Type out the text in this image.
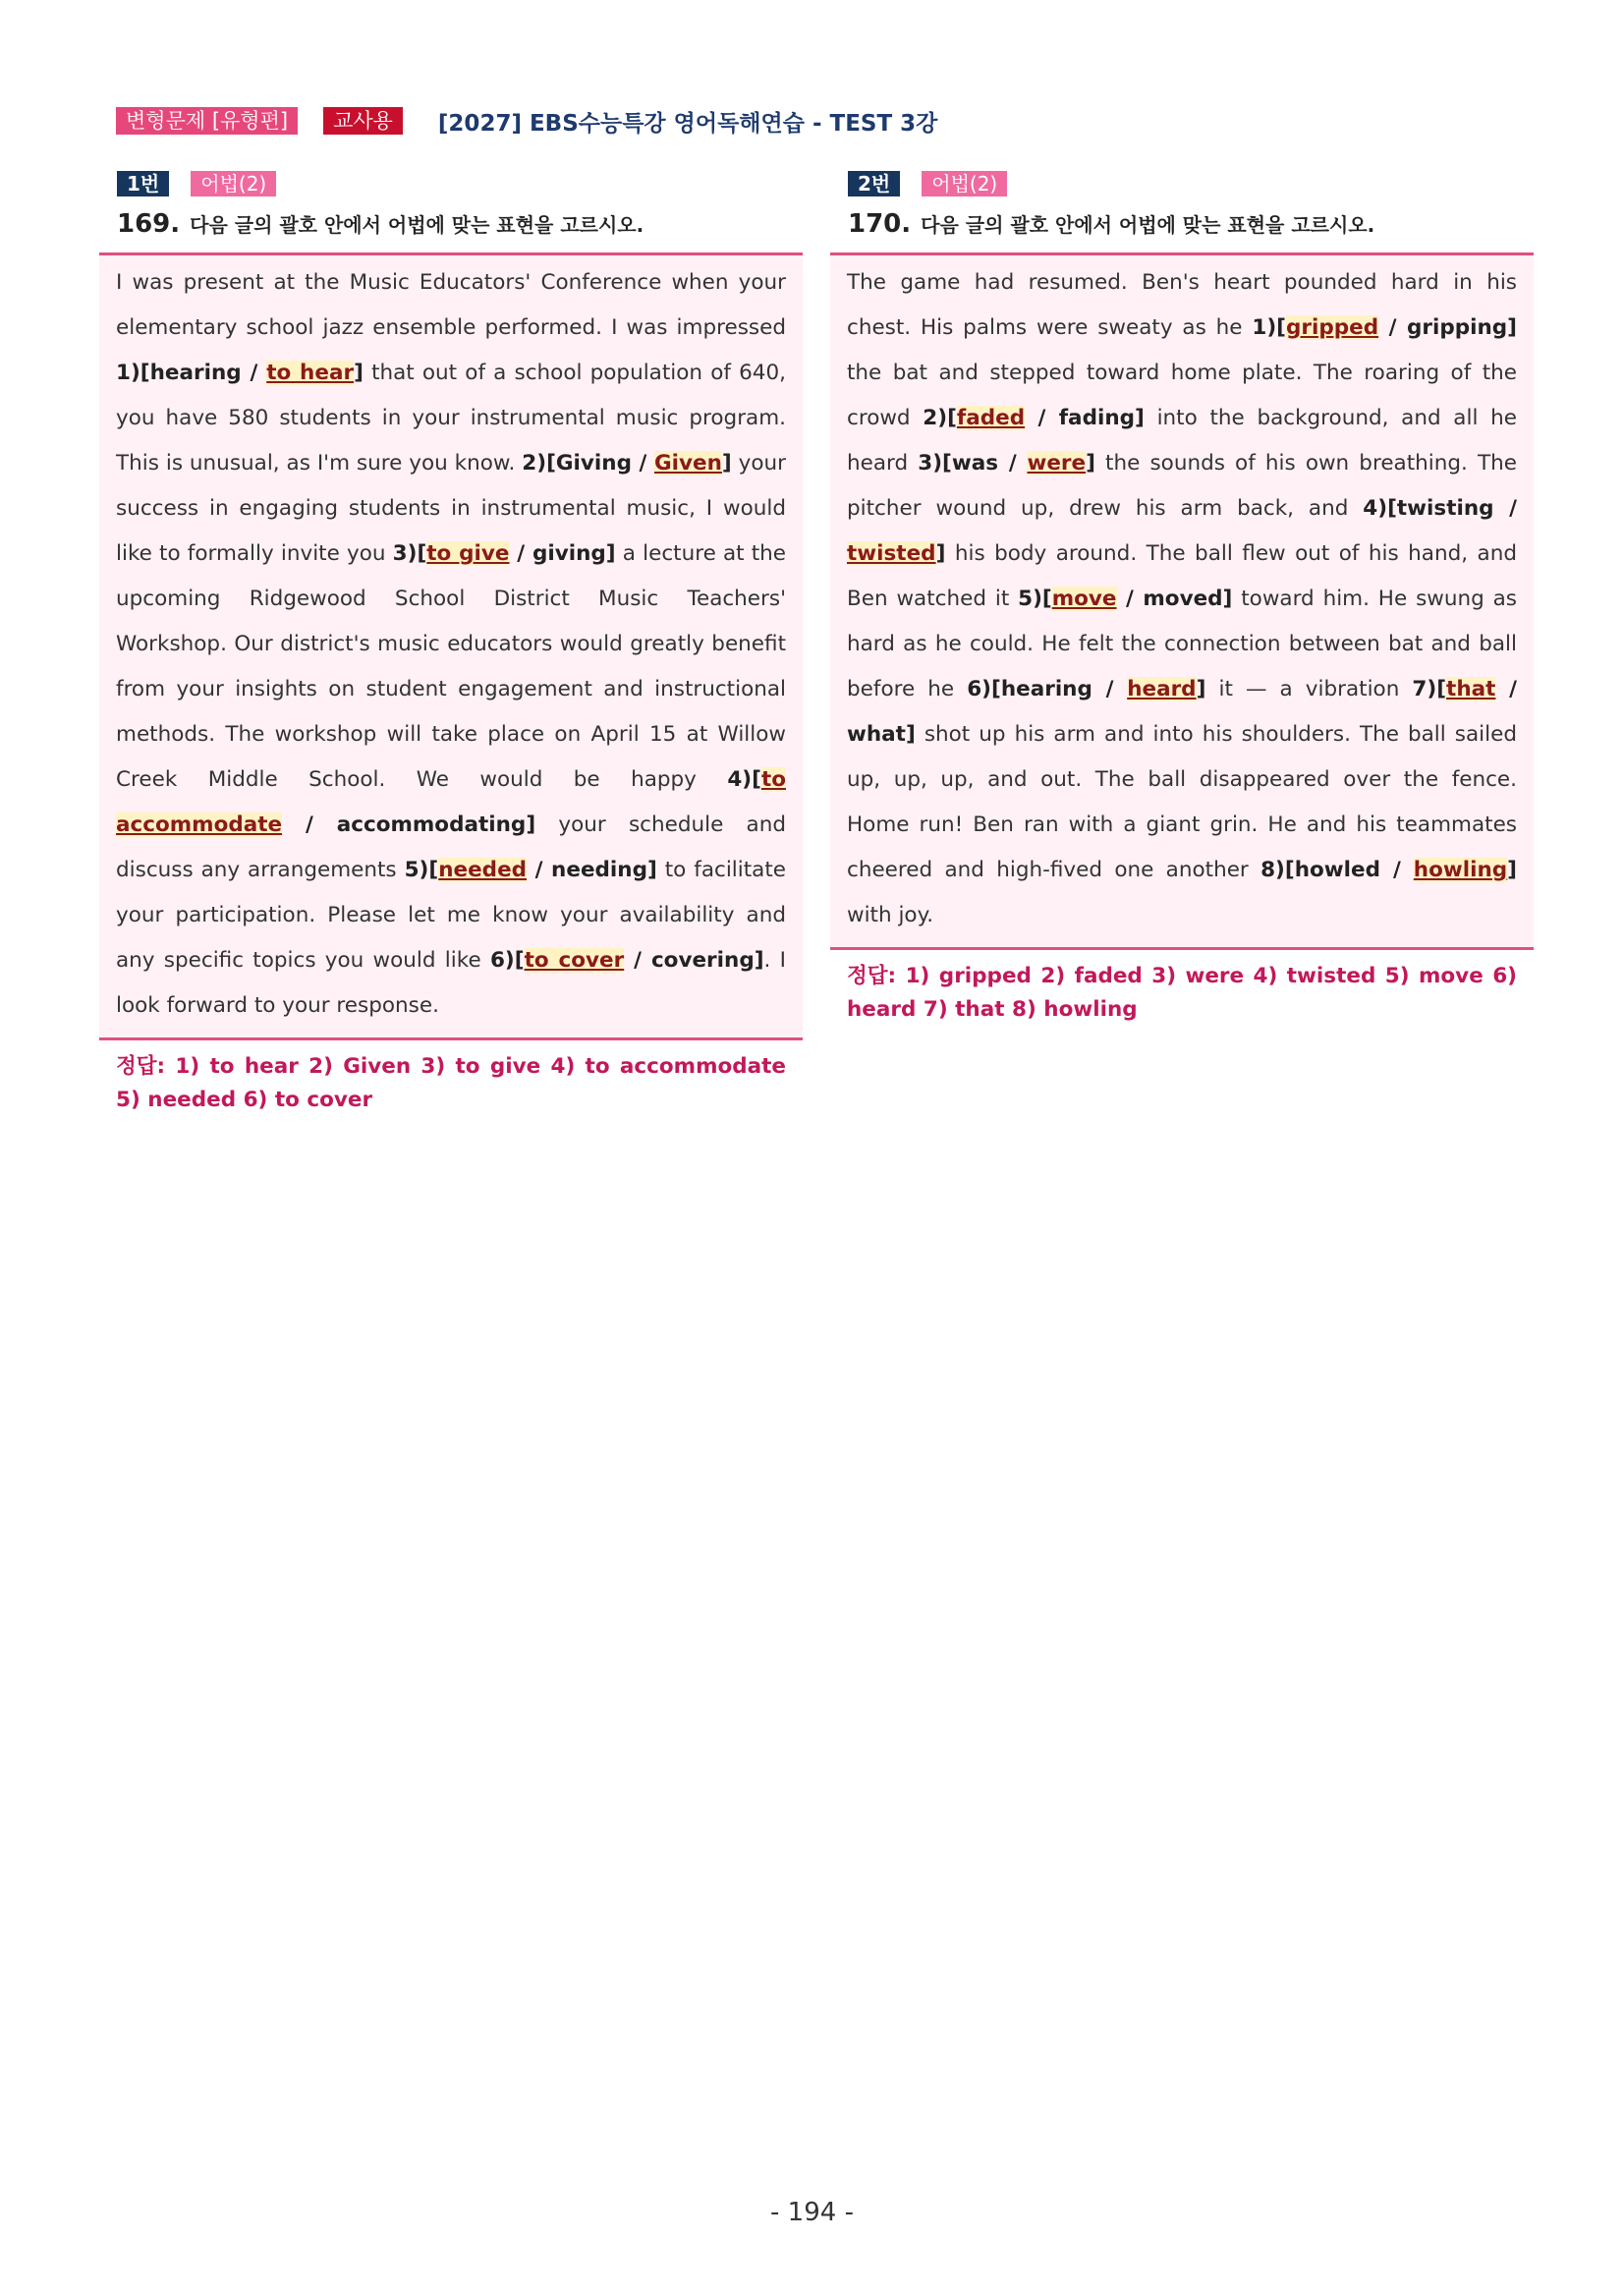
변형문제 [유형편]	교사용	[2027] EBS수능특강 영어독해연습 - TEST 3강
1번	어법(2)
169. 다음 글의 괄호 안에서 어법에 맞는 표현을 고르시오.

I was present at the Music Educators' Conference when your elementary school jazz ensemble performed. I was impressed 1)[hearing / to hear] that out of a school population of 640, you have 580 students in your instrumental music program. This is unusual, as I'm sure you know. 2)[Giving / Given] your success in engaging students in instrumental music, I would like to formally invite you 3)[to give / giving] a lecture at the upcoming Ridgewood School District Music Teachers' Workshop. Our district's music educators would greatly benefit from your insights on student engagement and instructional methods. The workshop will take place on April 15 at Willow Creek Middle School. We would be happy 4)[to accommodate / accommodating] your schedule and discuss any arrangements 5)[needed / needing] to facilitate your participation. Please let me know your availability and any specific topics you would like 6)[to cover / covering]. I look forward to your response.

정답: 1) to hear 2) Given 3) to give 4) to accommodate 5) needed 6) to cover
2번	어법(2)
170. 다음 글의 괄호 안에서 어법에 맞는 표현을 고르시오.

The game had resumed. Ben's heart pounded hard in his chest. His palms were sweaty as he 1)[gripped / gripping] the bat and stepped toward home plate. The roaring of the crowd 2)[faded / fading] into the background, and all he heard 3)[was / were] the sounds of his own breathing. The pitcher wound up, drew his arm back, and 4)[twisting / twisted] his body around. The ball flew out of his hand, and Ben watched it 5)[move / moved] toward him. He swung as hard as he could. He felt the connection between bat and ball before he 6)[hearing / heard] it — a vibration 7)[that / what] shot up his arm and into his shoulders. The ball sailed up, up, up, and out. The ball disappeared over the fence. Home run! Ben ran with a giant grin. He and his teammates cheered and high-fived one another 8)[howled / howling] with joy.

정답: 1) gripped 2) faded 3) were 4) twisted 5) move 6) heard 7) that 8) howling
- 194 -
